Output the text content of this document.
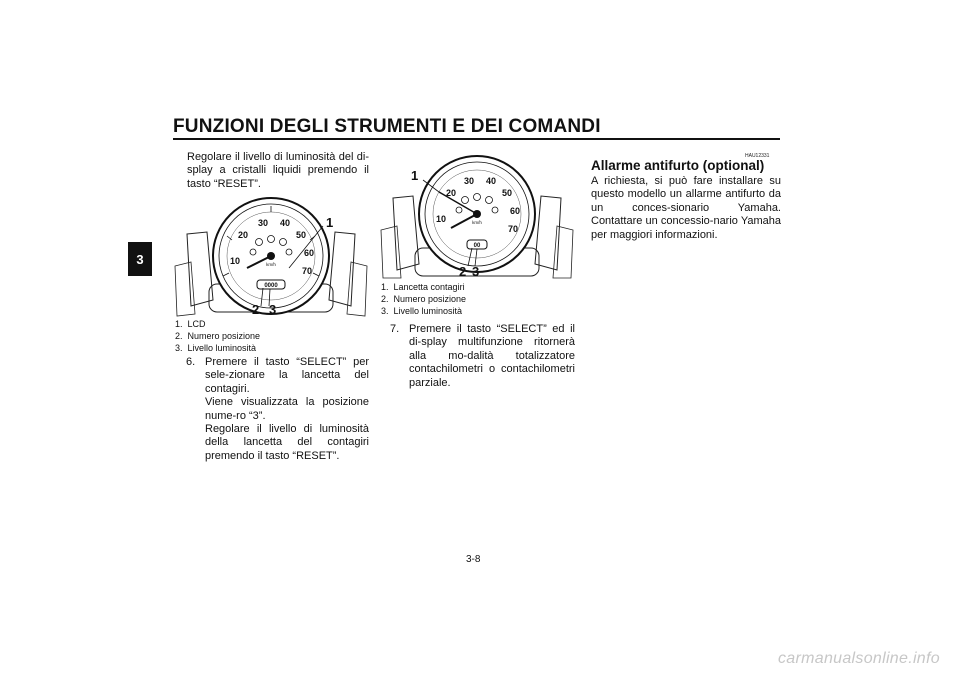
FUNZIONI DEGLI STRUMENTI E DEI COMANDI
3
Regolare il livello di luminosità del di-splay a cristalli liquidi premendo il tasto “RESET”.
10
20
30 40
50
60
70
km/h
0000
1
2 3
1.
LCD
2.
Numero posizione
3.
Livello luminosità
6. Premere il tasto “SELECT” per sele-zionare la lancetta del contagiri.
Viene visualizzata la posizione nume-ro “3”.
Regolare il livello di luminosità della lancetta del contagiri premendo il tasto “RESET”.
10
20
30 40
50
60
70
km/h
00
1
2 3
1.
Lancetta contagiri
2.
Numero posizione
3.
Livello luminosità
7. Premere il tasto “SELECT” ed il di-splay multifunzione ritornerà alla mo-dalità totalizzatore contachilometri o contachilometri parziale.
HAU12331
Allarme antifurto (optional)
A richiesta, si può fare installare su questo modello un allarme antifurto da un conces-sionario Yamaha. Contattare un concessio-nario Yamaha per maggiori informazioni.
3-8
carmanualsonline.info
